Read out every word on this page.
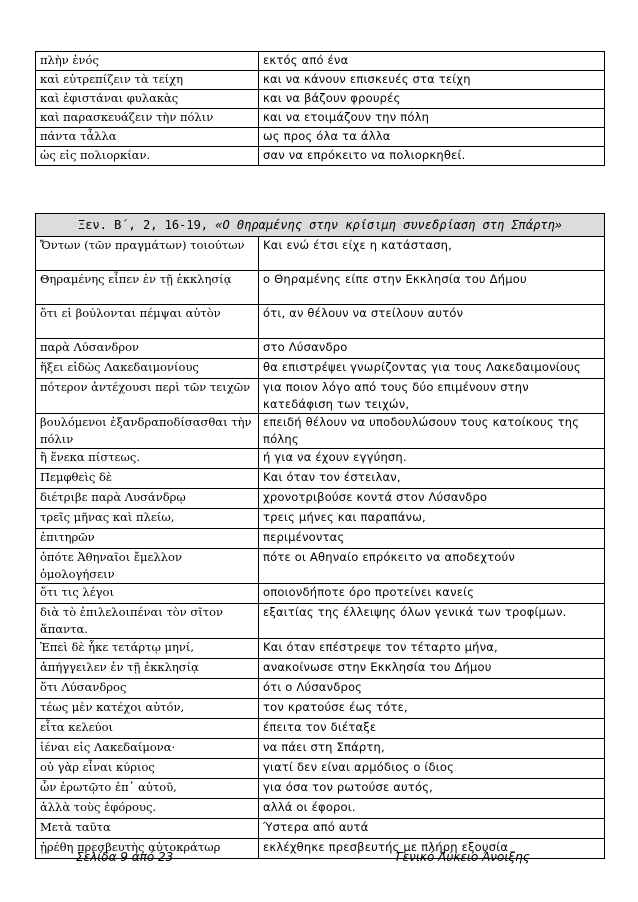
πλὴν ἑνός	εκτός από ένα
καὶ εὐτρεπίζειν τὰ τείχη	και να κάνουν επισκευές στα τείχη
καὶ ἐφιστάναι φυλακὰς	και να βάζουν φρουρές
καὶ παρασκευάζειν τὴν πόλιν	και να ετοιμάζουν την πόλη
πάντα τἆλλα	ως προς όλα τα άλλα
ὡς εἰς πολιορκίαν.	σαν να επρόκειτο να πολιορκηθεί.
Ξεν. Β΄, 2, 16-19, «Ο Θηραμένης στην κρίσιμη συνεδρίαση στη Σπάρτη»	
Ὄντων (τῶν πραγμάτων) τοιούτων	Και ενώ έτσι είχε η κατάσταση,
Θηραμένης εἶπεν ἐν τῇ ἐκκλησίᾳ	ο Θηραμένης είπε στην Εκκλησία του Δήμου
ὅτι εἰ βούλονται πέμψαι αὐτὸν	ότι, αν θέλουν να στείλουν αυτόν
παρὰ Λύσανδρον	στο Λύσανδρο
ἥξει εἰδὼς Λακεδαιμονίους	θα επιστρέψει γνωρίζοντας για τους Λακεδαιμονίους
πότερον ἀντέχουσι περὶ τῶν τειχῶν	για ποιον λόγο από τους δύο επιμένουν στην κατεδάφιση των τειχών,
βουλόμενοι ἐξανδραποδίσασθαι τὴν πόλιν	επειδή θέλουν να υποδουλώσουν τους κατοίκους της πόλης
ἢ ἕνεκα πίστεως.	ή για να έχουν εγγύηση.
Πεμφθεὶς δὲ	Και όταν τον έστειλαν,
διέτριβε παρὰ Λυσάνδρῳ	χρονοτριβούσε κοντά στον Λύσανδρο
τρεῖς μῆνας καὶ πλείω,	τρεις μήνες και παραπάνω,
ἐπιτηρῶν	περιμένοντας
ὁπότε Ἀθηναῖοι ἔμελλον ὁμολογήσειν	πότε οι Αθηναίο επρόκειτο να αποδεχτούν
ὅτι τις λέγοι	οποιονδήποτε όρο προτείνει κανείς
διὰ τὸ ἐπιλελοιπέναι τὸν σῖτον ἅπαντα.	εξαιτίας της έλλειψης όλων γενικά των τροφίμων.
Ἐπεὶ δὲ ἧκε τετάρτῳ μηνί,	Και όταν επέστρεψε τον τέταρτο μήνα,
ἀπήγγειλεν ἐν τῇ ἐκκλησίᾳ	ανακοίνωσε στην Εκκλησία του Δήμου
ὅτι Λύσανδρος	ότι ο Λύσανδρος
τέως μὲν κατέχοι αὐτόν,	τον κρατούσε έως τότε,
εἶτα κελεύοι	έπειτα τον διέταξε
ἰέναι εἰς Λακεδαίμονα·	να πάει στη Σπάρτη,
οὐ γὰρ εἶναι κύριος	γιατί δεν είναι αρμόδιος ο ίδιος
ὧν ἐρωτῷτο ἐπ᾽ αὐτοῦ,	για όσα τον ρωτούσε αυτός,
ἀλλὰ τοὺς ἐφόρους.	αλλά οι έφοροι.
Μετὰ ταῦτα	Ύστερα από αυτά
ᾑρέθη πρεσβευτὴς αὐτοκράτωρ	εκλέχθηκε πρεσβευτής με πλήρη εξουσία
Σελίδα 9 από 23	Γενικό Λύκειο Άνοιξης
